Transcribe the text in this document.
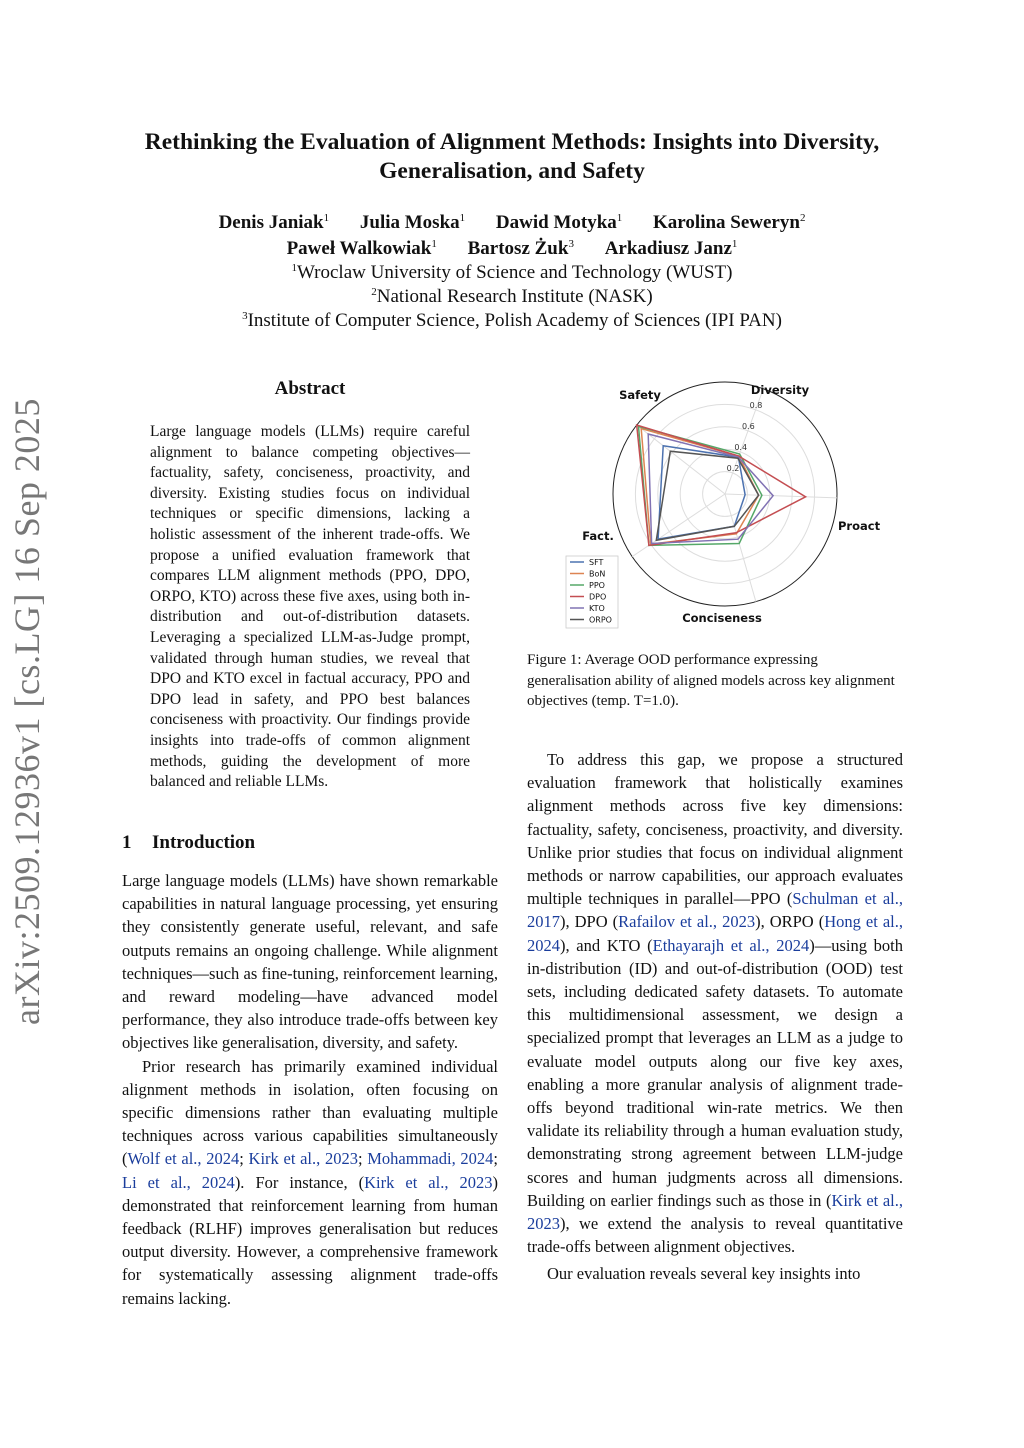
Rethinking the Evaluation of Alignment Methods: Insights into Diversity, Generalisation, and Safety
Denis Janiak$^1$ Julia Moska$^1$ Dawid Motyka$^1$ Karolina Seweryn$^2$
Paweł Walkowiak$^1$ Bartosz Żuk$^3$ Arkadiusz Janz$^1$
$^1$Wroclaw University of Science and Technology (WUST)
$^2$National Research Institute (NASK)
$^3$Institute of Computer Science, Polish Academy of Sciences (IPI PAN)
arXiv:2509.12936v1 [cs.LG] 16 Sep 2025
Abstract
Large language models (LLMs) require careful alignment to balance competing objectives—factuality, safety, conciseness, proactivity, and diversity. Existing studies focus on individual techniques or specific dimensions, lacking a holistic assessment of the inherent trade-offs. We propose a unified evaluation framework that compares LLM alignment methods (PPO, DPO, ORPO, KTO) across these five axes, using both in-distribution and out-of-distribution datasets. Leveraging a specialized LLM-as-Judge prompt, validated through human studies, we reveal that DPO and KTO excel in factual accuracy, PPO and DPO lead in safety, and PPO best balances conciseness with proactivity. Our findings provide insights into trade-offs of common alignment methods, guiding the development of more balanced and reliable LLMs.
1 Introduction

Large language models (LLMs) have shown remarkable capabilities in natural language processing, yet ensuring they consistently generate useful, relevant, and safe outputs remains an ongoing challenge. While alignment techniques—such as fine-tuning, reinforcement learning, and reward modeling—have advanced model performance, they also introduce trade-offs between key objectives like generalisation, diversity, and safety.

Prior research has primarily examined individual alignment methods in isolation, often focusing on specific dimensions rather than evaluating multiple techniques across various capabilities simultaneously (Wolf et al., 2024; Kirk et al., 2023; Mohammadi, 2024; Li et al., 2024). For instance, (Kirk et al., 2023) demonstrated that reinforcement learning from human feedback (RLHF) improves generalisation but reduces output diversity. However, a comprehensive framework for systematically assessing alignment trade-offs remains lacking.

To address this gap, we propose a structured evaluation framework that holistically examines alignment methods across five key dimensions: factuality, safety, conciseness, proactivity, and diversity. Unlike prior studies that focus on individual alignment methods or narrow capabilities, our approach evaluates multiple techniques in parallel—PPO (Schulman et al., 2017), DPO (Rafailov et al., 2023), ORPO (Hong et al., 2024), and KTO (Ethayarajh et al., 2024)—using both in-distribution (ID) and out-of-distribution (OOD) test sets, including dedicated safety datasets. To automate this multidimensional assessment, we design a specialized prompt that leverages an LLM as a judge to evaluate model outputs along our five key axes, enabling a more granular analysis of alignment trade-offs beyond traditional win-rate metrics. We then validate its reliability through a human evaluation study, demonstrating strong agreement between LLM-judge scores and human judgments across all dimensions. Building on earlier findings such as those in (Kirk et al., 2023), we extend the analysis to reveal quantitative trade-offs between alignment objectives.

Our evaluation reveals several key insights into

0.2
0.4
0.6
0.8
Diversity
Proact.
Conciseness
Fact.
Safety
SFT
BoN
PPO
DPO
KTO
ORPO
Figure 1: Average OOD performance expressing generalisation ability of aligned models across key alignment objectives (temp. T=1.0).
